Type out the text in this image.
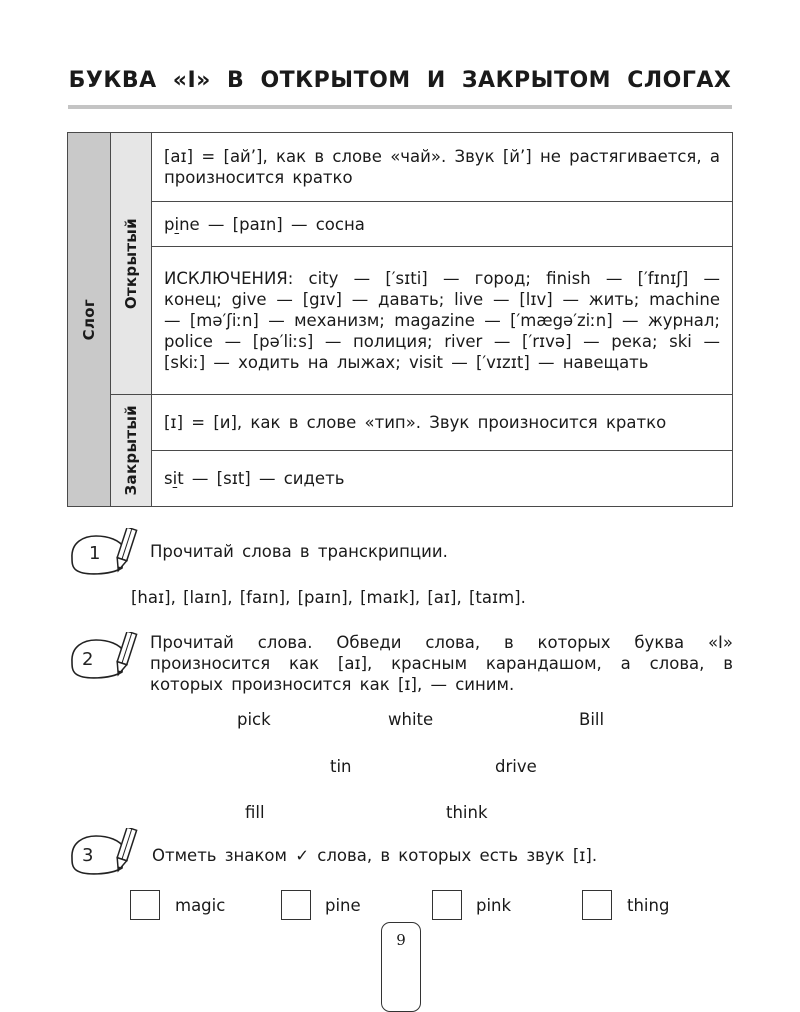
БУКВА «I» В ОТКРЫТОМ И ЗАКРЫТОМ СЛОГАХ
Слог	Открытый	[aɪ] = [ай’], как в слове «чай». Звук [й’] не растягивается, а произносится кратко
		pine — [paɪn] — сосна
		ИСКЛЮЧЕНИЯ: city — [′sɪti] — город; finish — [′fɪnɪʃ] — конец; give — [gɪv] — давать; live — [lɪv] — жить; machine — [mə′ʃiːn] — механизм; magazine — [′mægə′ziːn] — журнал; police — [pə′liːs] — полиция; river — [′rɪvə] — река; ski — [skiː] — ходить на лыжах; visit — [′vɪzɪt] — навещать

	Закрытый	[ɪ] = [и], как в слове «тип». Звук произносится кратко
		sit — [sɪt] — сидеть
1	Прочитай слова в транскрипции.
[haɪ], [laɪn], [faɪn], [paɪn], [maɪk], [aɪ], [taɪm].
2
Прочитай слова. Обведи слова, в которых буква «I» произносится как [aɪ], красным карандашом, а слова, в которых произносится как [ɪ], — синим.
pick	white	Bill
tin	drive
fill	think
3	Отметь знаком ✓ слова, в которых есть звук [ɪ].
magic	pine	pink	thing
9
